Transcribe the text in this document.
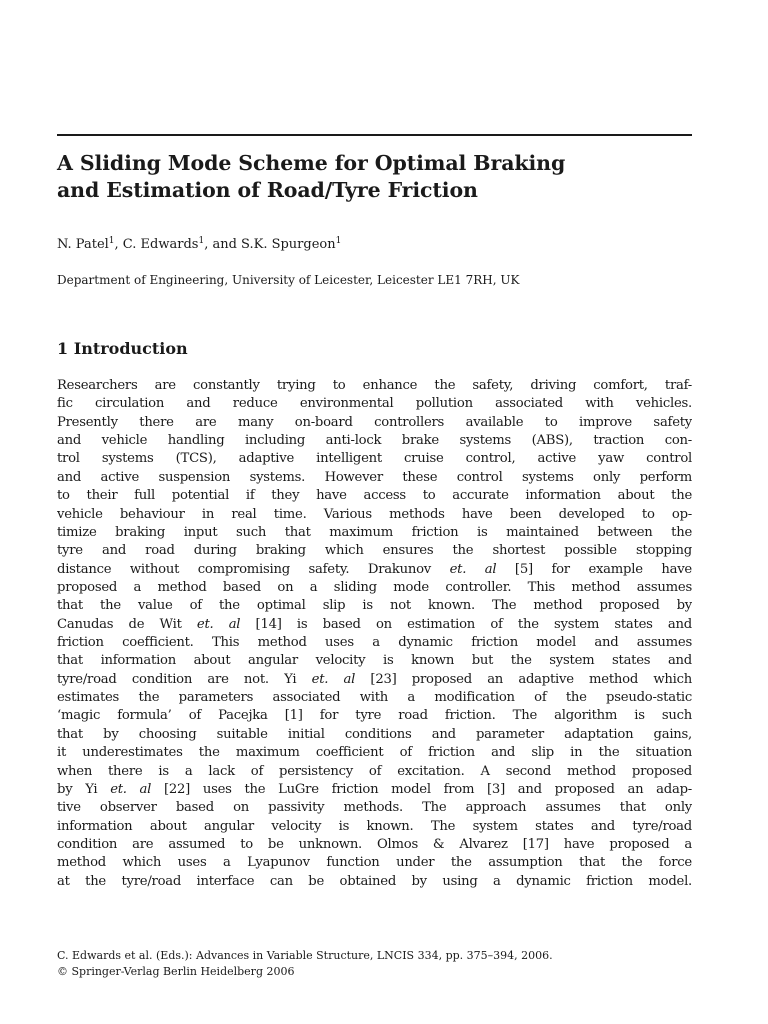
A Sliding Mode Scheme for Optimal Braking
and Estimation of Road/Tyre Friction
N. Patel$^1$, C. Edwards$^1$, and S.K. Spurgeon$^1$
Department of Engineering, University of Leicester, Leicester LE1 7RH, UK
1 Introduction
Researchers are constantly trying to enhance the safety, driving comfort, traf-
fic circulation and reduce environmental pollution associated with vehicles.
Presently there are many on-board controllers available to improve safety
and vehicle handling including anti-lock brake systems (ABS), traction con-
trol systems (TCS), adaptive intelligent cruise control, active yaw control
and active suspension systems. However these control systems only perform
to their full potential if they have access to accurate information about the
vehicle behaviour in real time. Various methods have been developed to op-
timize braking input such that maximum friction is maintained between the
tyre and road during braking which ensures the shortest possible stopping
distance without compromising safety. Drakunov et. al [5] for example have
proposed a method based on a sliding mode controller. This method assumes
that the value of the optimal slip is not known. The method proposed by
Canudas de Wit et. al [14] is based on estimation of the system states and
friction coefficient. This method uses a dynamic friction model and assumes
that information about angular velocity is known but the system states and
tyre/road condition are not. Yi et. al [23] proposed an adaptive method which
estimates the parameters associated with a modification of the pseudo-static
‘magic formula’ of Pacejka [1] for tyre road friction. The algorithm is such
that by choosing suitable initial conditions and parameter adaptation gains,
it underestimates the maximum coefficient of friction and slip in the situation
when there is a lack of persistency of excitation. A second method proposed
by Yi et. al [22] uses the LuGre friction model from [3] and proposed an adap-
tive observer based on passivity methods. The approach assumes that only
information about angular velocity is known. The system states and tyre/road
condition are assumed to be unknown. Olmos & Alvarez [17] have proposed a
method which uses a Lyapunov function under the assumption that the force
at the tyre/road interface can be obtained by using a dynamic friction model.
C. Edwards et al. (Eds.): Advances in Variable Structure, LNCIS 334, pp. 375–394, 2006.
© Springer-Verlag Berlin Heidelberg 2006
